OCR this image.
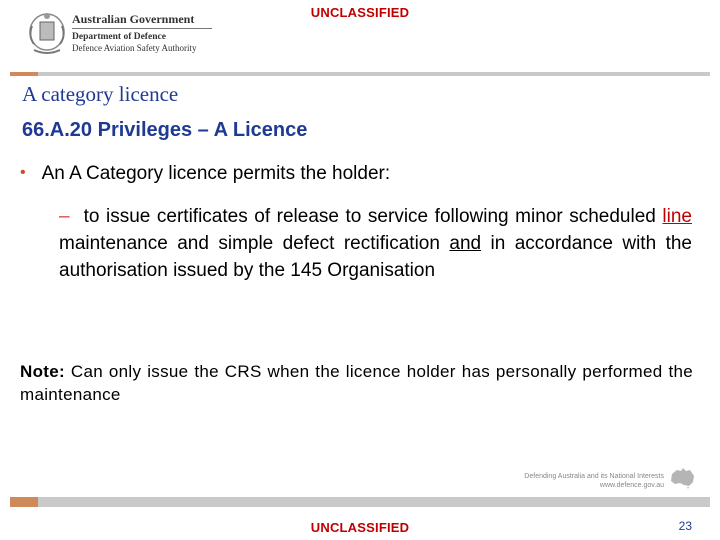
UNCLASSIFIED
Australian Government
Department of Defence
Defence Aviation Safety Authority
A category licence
66.A.20 Privileges – A Licence
• An A Category licence permits the holder:
– to issue certificates of release to service following minor scheduled line maintenance and simple defect rectification and in accordance with the authorisation issued by the 145 Organisation
Note: Can only issue the CRS when the licence holder has personally performed the maintenance
Defending Australia and its National Interests
www.defence.gov.au
UNCLASSIFIED	23
